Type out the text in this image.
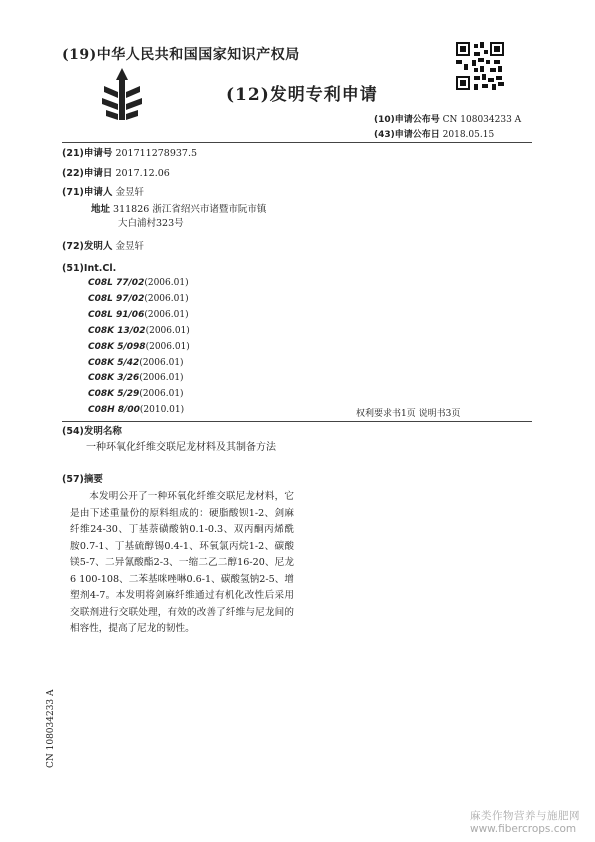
(19)中华人民共和国国家知识产权局
(12)发明专利申请
(10)申请公布号 CN 108034233 A
(43)申请公布日 2018.05.15
(21)申请号 201711278937.5
(22)申请日 2017.12.06
(71)申请人 金昱轩
地址 311826 浙江省绍兴市诸暨市阮市镇
大白浦村323号
(72)发明人 金昱轩
(51)Int.Cl.
C08L 77/02(2006.01)
C08L 97/02(2006.01)
C08L 91/06(2006.01)
C08K 13/02(2006.01)
C08K 5/098(2006.01)
C08K 5/42(2006.01)
C08K 3/26(2006.01)
C08K 5/29(2006.01)
C08H 8/00(2010.01)	权利要求书1页 说明书3页
(54)发明名称
一种环氧化纤维交联尼龙材料及其制备方法
(57)摘要
本发明公开了一种环氧化纤维交联尼龙材料，它是由下述重量份的原料组成的：硬脂酸钡1-2、剑麻纤维24-30、丁基萘磺酸钠0.1-0.3、双丙酮丙烯酰胺0.7-1、丁基硫醇锡0.4-1、环氧氯丙烷1-2、碳酸镁5-7、二异氰酸酯2-3、一缩二乙二醇16-20、尼龙6 100-108、二苯基咪唑啉0.6-1、碳酸氢钠2-5、增塑剂4-7。本发明将剑麻纤维通过有机化改性后采用交联剂进行交联处理，有效的改善了纤维与尼龙间的相容性，提高了尼龙的韧性。
CN 108034233 A
麻类作物营养与施肥网
www.fibercrops.com
